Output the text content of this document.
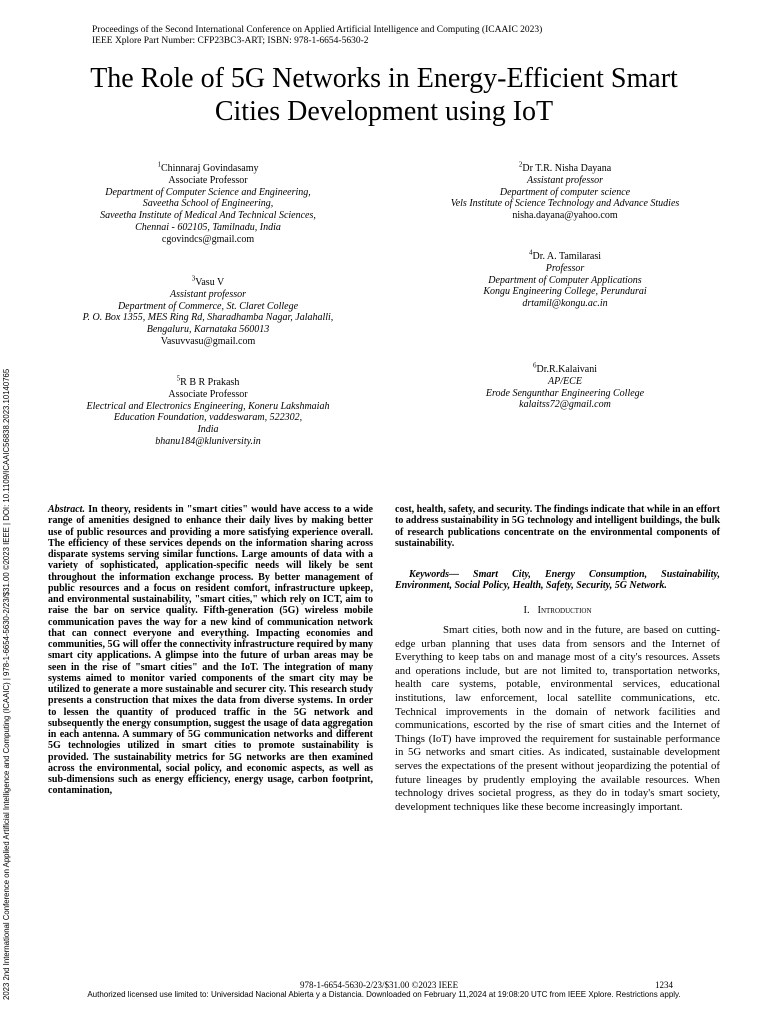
Proceedings of the Second International Conference on Applied Artificial Intelligence and Computing (ICAAIC 2023)
IEEE Xplore Part Number: CFP23BC3-ART; ISBN: 978-1-6654-5630-2
The Role of 5G Networks in Energy-Efficient Smart
Cities Development using IoT
2023 2nd International Conference on Applied Artificial Intelligence and Computing (ICAAIC) | 978-1-6654-5630-2/23/$31.00 ©2023 IEEE | DOI: 10.1109/ICAAIC56838.2023.10140765
$^1$Chinnaraj Govindasamy
Associate Professor
Department of Computer Science and Engineering,
Saveetha School of Engineering,
Saveetha Institute of Medical And Technical Sciences,
Chennai - 602105, Tamilnadu, India
cgovindcs@gmail.com
$^2$Dr T.R. Nisha Dayana
Assistant professor
Department of computer science
Vels Institute of Science Technology and Advance Studies
nisha.dayana@yahoo.com
$^3$Vasu V
Assistant professor
Department of Commerce, St. Claret College
P. O. Box 1355, MES Ring Rd, Sharadhamba Nagar, Jalahalli,
Bengaluru, Karnataka 560013
Vasuvvasu@gmail.com
$^4$Dr. A. Tamilarasi
Professor
Department of Computer Applications
Kongu Engineering College, Perundurai
drtamil@kongu.ac.in
$^5$R B R Prakash
Associate Professor
Electrical and Electronics Engineering, Koneru Lakshmaiah
Education Foundation, vaddeswaram, 522302,
India
bhanu184@kluniversity.in
$^6$Dr.R.Kalaivani
AP/ECE
Erode Sengunthar Engineering College
kalaitss72@gmail.com
Abstract. In theory, residents in "smart cities" would have access to a wide range of amenities designed to enhance their daily lives by making better use of public resources and providing a more satisfying experience overall. The efficiency of these services depends on the information sharing across disparate systems serving similar functions. Large amounts of data with a variety of sophisticated, application-specific needs will likely be sent throughout the information exchange process. By better management of public resources and a focus on resident comfort, infrastructure upkeep, and environmental sustainability, "smart cities," which rely on ICT, aim to raise the bar on service quality. Fifth-generation (5G) wireless mobile communication paves the way for a new kind of communication network that can connect everyone and everything. Impacting economies and communities, 5G will offer the connectivity infrastructure required by many smart city applications. A glimpse into the future of urban areas may be seen in the rise of "smart cities" and the IoT. The integration of many systems aimed to monitor varied components of the smart city may be utilized to generate a more sustainable and securer city. This research study presents a construction that mixes the data from diverse systems. In order to lessen the quantity of produced traffic in the 5G network and subsequently the energy consumption, suggest the usage of data aggregation in each antenna. A summary of 5G communication networks and different 5G technologies utilized in smart cities to promote sustainability is provided. The sustainability metrics for 5G networks are then examined across the environmental, social policy, and economic aspects, as well as sub-dimensions such as energy efficiency, energy usage, carbon footprint, contamination,
cost, health, safety, and security. The findings indicate that while in an effort to address sustainability in 5G technology and intelligent buildings, the bulk of research publications concentrate on the environmental components of sustainability.
Keywords— Smart City, Energy Consumption, Sustainability, Environment, Social Policy, Health, Safety, Security, 5G Network.
I. Introduction
Smart cities, both now and in the future, are based on cutting-edge urban planning that uses data from sensors and the Internet of Everything to keep tabs on and manage most of a city's resources. Assets and operations include, but are not limited to, transportation networks, health care systems, potable, environmental services, educational institutions, law enforcement, local satellite communications, etc. Technical improvements in the domain of network facilities and communications, escorted by the rise of smart cities and the Internet of Things (IoT) have improved the requirement for sustainable performance in 5G networks and smart cities. As indicated, sustainable development serves the expectations of the present without jeopardizing the potential of future lineages by prudently employing the available resources. When technology drives societal progress, as they do in today's smart society, development techniques like these become increasingly important.
978-1-6654-5630-2/23/$31.00 ©2023 IEEE	1234
Authorized licensed use limited to: Universidad Nacional Abierta y a Distancia. Downloaded on February 11,2024 at 19:08:20 UTC from IEEE Xplore. Restrictions apply.
